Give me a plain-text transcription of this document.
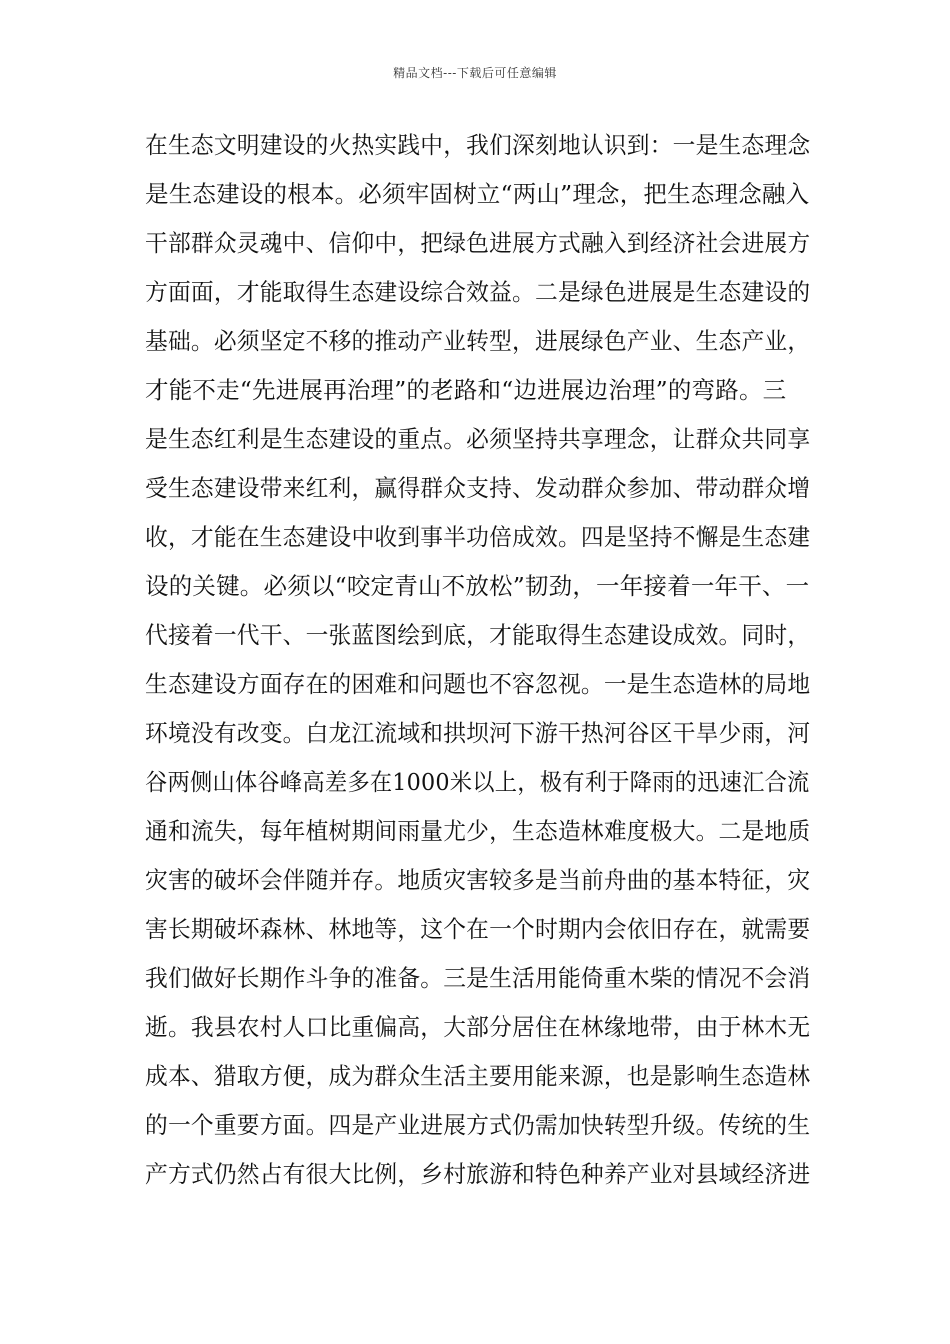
精品文档---下载后可任意编辑
在生态文明建设的火热实践中，我们深刻地认识到：一是生态理念
是生态建设的根本。必须牢固树立“两山”理念，把生态理念融入
干部群众灵魂中、信仰中，把绿色进展方式融入到经济社会进展方
方面面，才能取得生态建设综合效益。二是绿色进展是生态建设的
基础。必须坚定不移的推动产业转型，进展绿色产业、生态产业，
才能不走“先进展再治理”的老路和“边进展边治理”的弯路。三
是生态红利是生态建设的重点。必须坚持共享理念，让群众共同享
受生态建设带来红利，赢得群众支持、发动群众参加、带动群众增
收，才能在生态建设中收到事半功倍成效。四是坚持不懈是生态建
设的关键。必须以“咬定青山不放松”韧劲，一年接着一年干、一
代接着一代干、一张蓝图绘到底，才能取得生态建设成效。同时，
生态建设方面存在的困难和问题也不容忽视。一是生态造林的局地
环境没有改变。白龙江流域和拱坝河下游干热河谷区干旱少雨，河
谷两侧山体谷峰高差多在1000米以上，极有利于降雨的迅速汇合流
通和流失，每年植树期间雨量尤少，生态造林难度极大。二是地质
灾害的破坏会伴随并存。地质灾害较多是当前舟曲的基本特征，灾
害长期破坏森林、林地等，这个在一个时期内会依旧存在，就需要
我们做好长期作斗争的准备。三是生活用能倚重木柴的情况不会消
逝。我县农村人口比重偏高，大部分居住在林缘地带，由于林木无
成本、猎取方便，成为群众生活主要用能来源，也是影响生态造林
的一个重要方面。四是产业进展方式仍需加快转型升级。传统的生
产方式仍然占有很大比例，乡村旅游和特色种养产业对县域经济进
